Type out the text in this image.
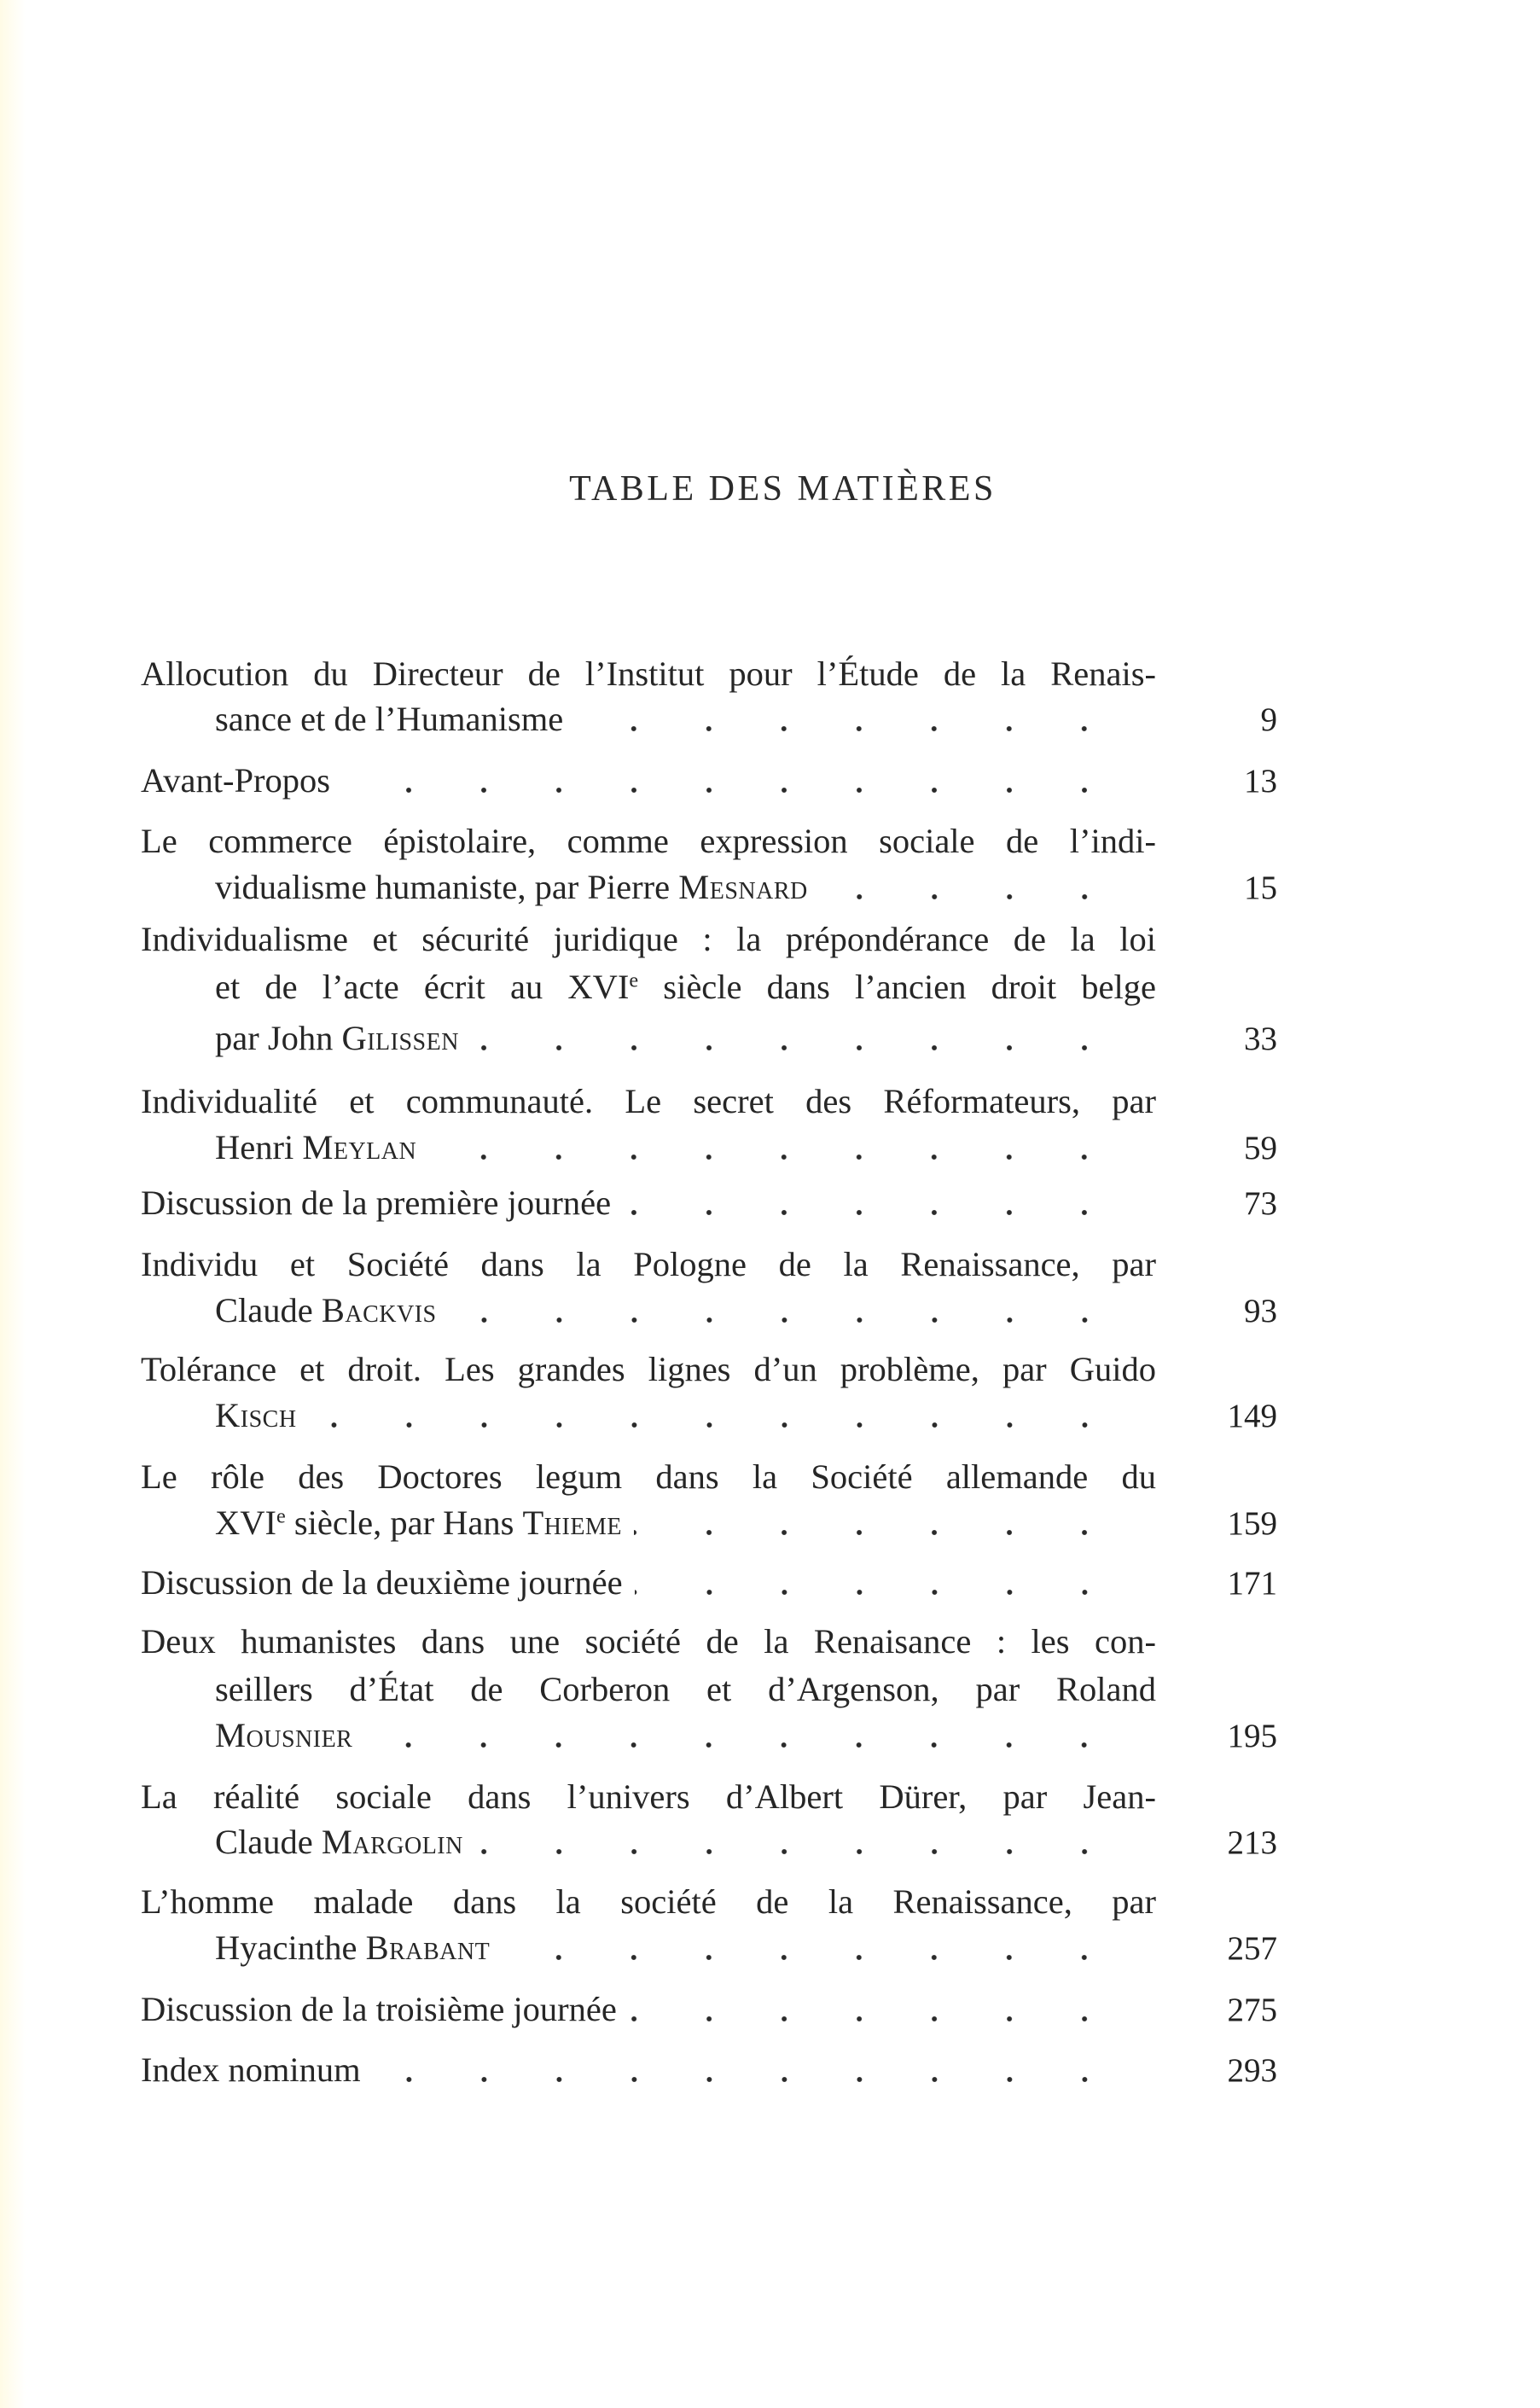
TABLE DES MATIÈRES
Allocution du Directeur de l’Institut pour l’Étude de la Renais-
sance et de l’Humanisme	9
Avant-Propos	13
Le commerce épistolaire, comme expression sociale de l’indi-
vidualisme humaniste, par Pierre Mesnard	15
Individualisme et sécurité juridique : la prépondérance de la loi
et de l’acte écrit au XVIe siècle dans l’ancien droit belge
par John Gilissen	33
Individualité et communauté. Le secret des Réformateurs, par
Henri Meylan	59
Discussion de la première journée	73
Individu et Société dans la Pologne de la Renaissance, par
Claude Backvis	93
Tolérance et droit. Les grandes lignes d’un problème, par Guido
Kisch	149
Le rôle des Doctores legum dans la Société allemande du
XVIe siècle, par Hans Thieme	159
Discussion de la deuxième journée	171
Deux humanistes dans une société de la Renaisance : les con-
seillers d’État de Corberon et d’Argenson, par Roland
Mousnier	195
La réalité sociale dans l’univers d’Albert Dürer, par Jean-
Claude Margolin	213
L’homme malade dans la société de la Renaissance, par
Hyacinthe Brabant	257
Discussion de la troisième journée	275
Index nominum	293
